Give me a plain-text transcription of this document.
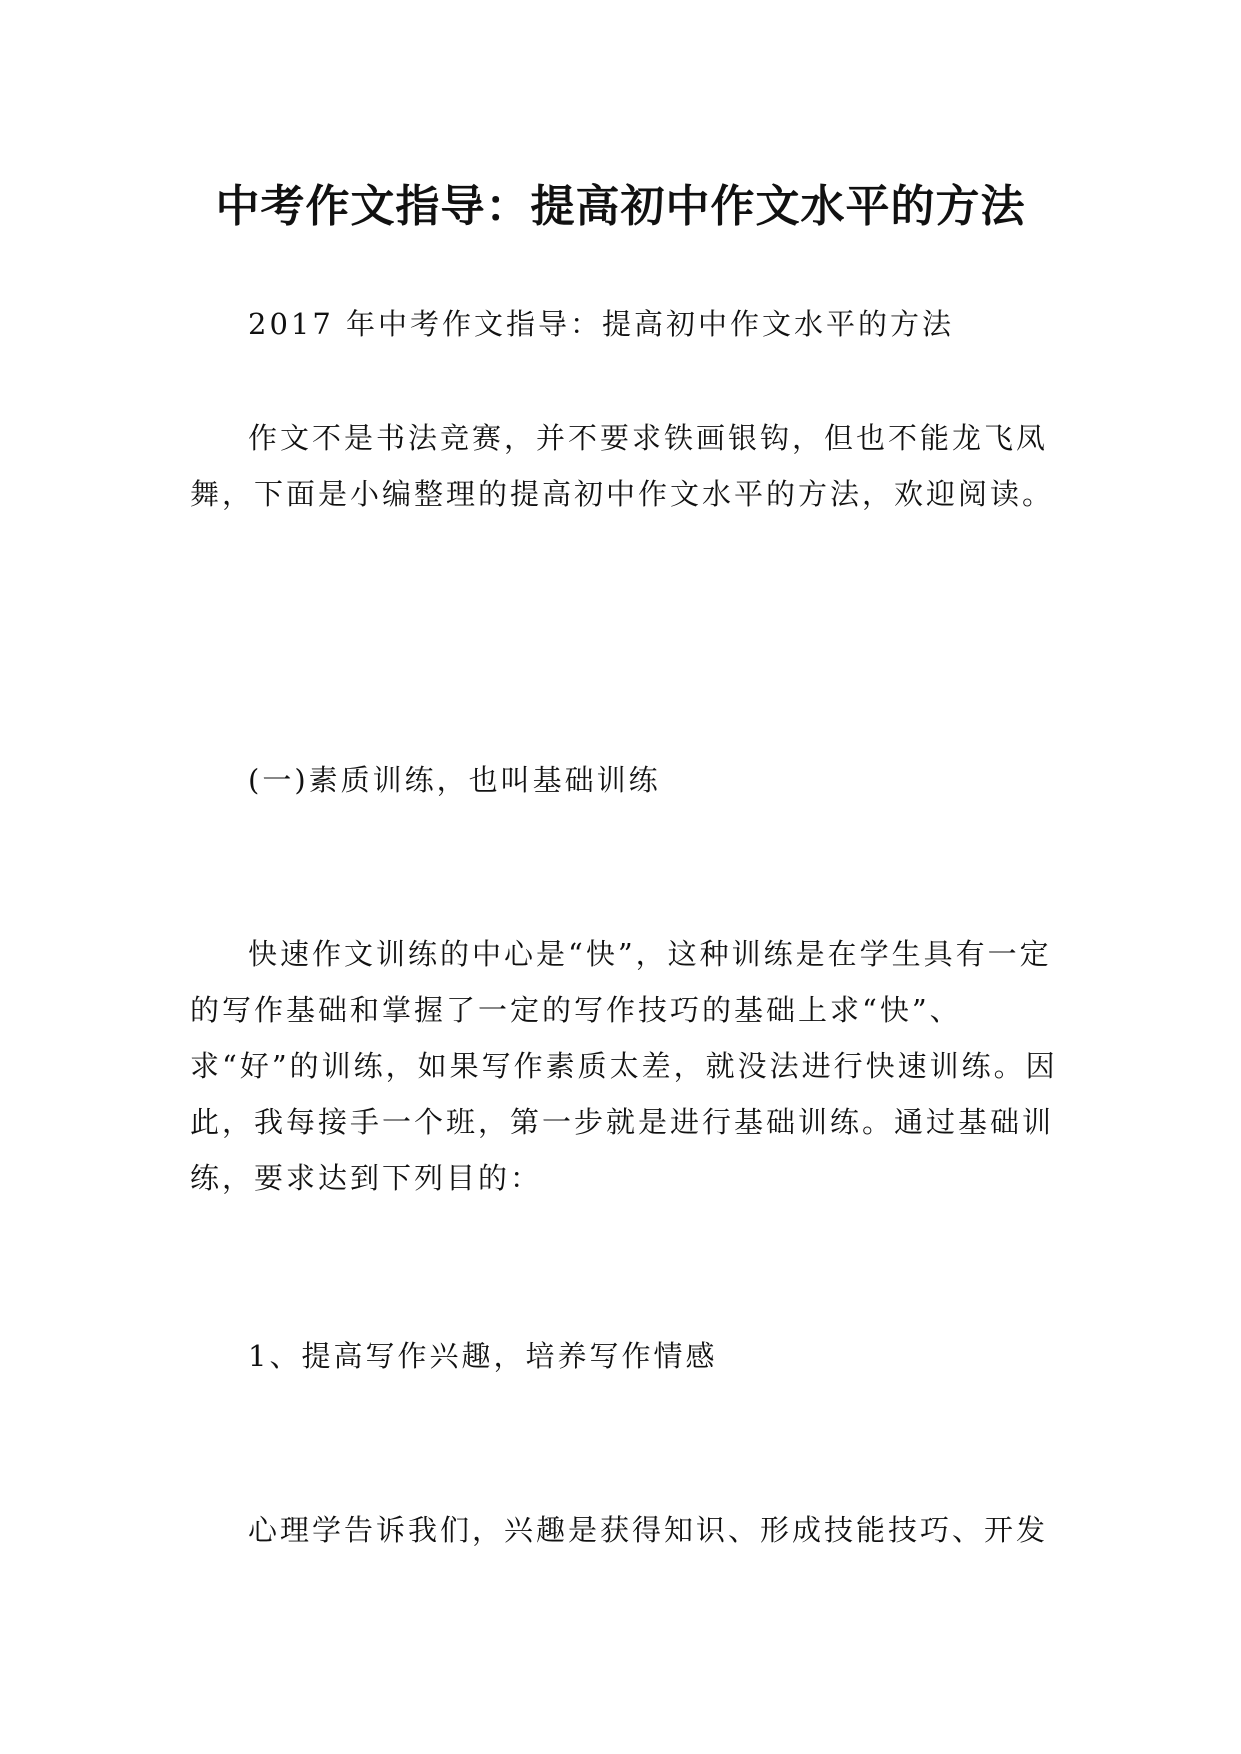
中考作文指导：提高初中作文水平的方法

2017 年中考作文指导：提高初中作文水平的方法

作文不是书法竞赛，并不要求铁画银钩，但也不能龙飞凤舞，下面是小编整理的提高初中作文水平的方法，欢迎阅读。

(一)素质训练，也叫基础训练

快速作文训练的中心是“快”，这种训练是在学生具有一定的写作基础和掌握了一定的写作技巧的基础上求“快”、求“好”的训练，如果写作素质太差，就没法进行快速训练。因此，我每接手一个班，第一步就是进行基础训练。通过基础训练，要求达到下列目的：

1、提高写作兴趣，培养写作情感

心理学告诉我们，兴趣是获得知识、形成技能技巧、开发
